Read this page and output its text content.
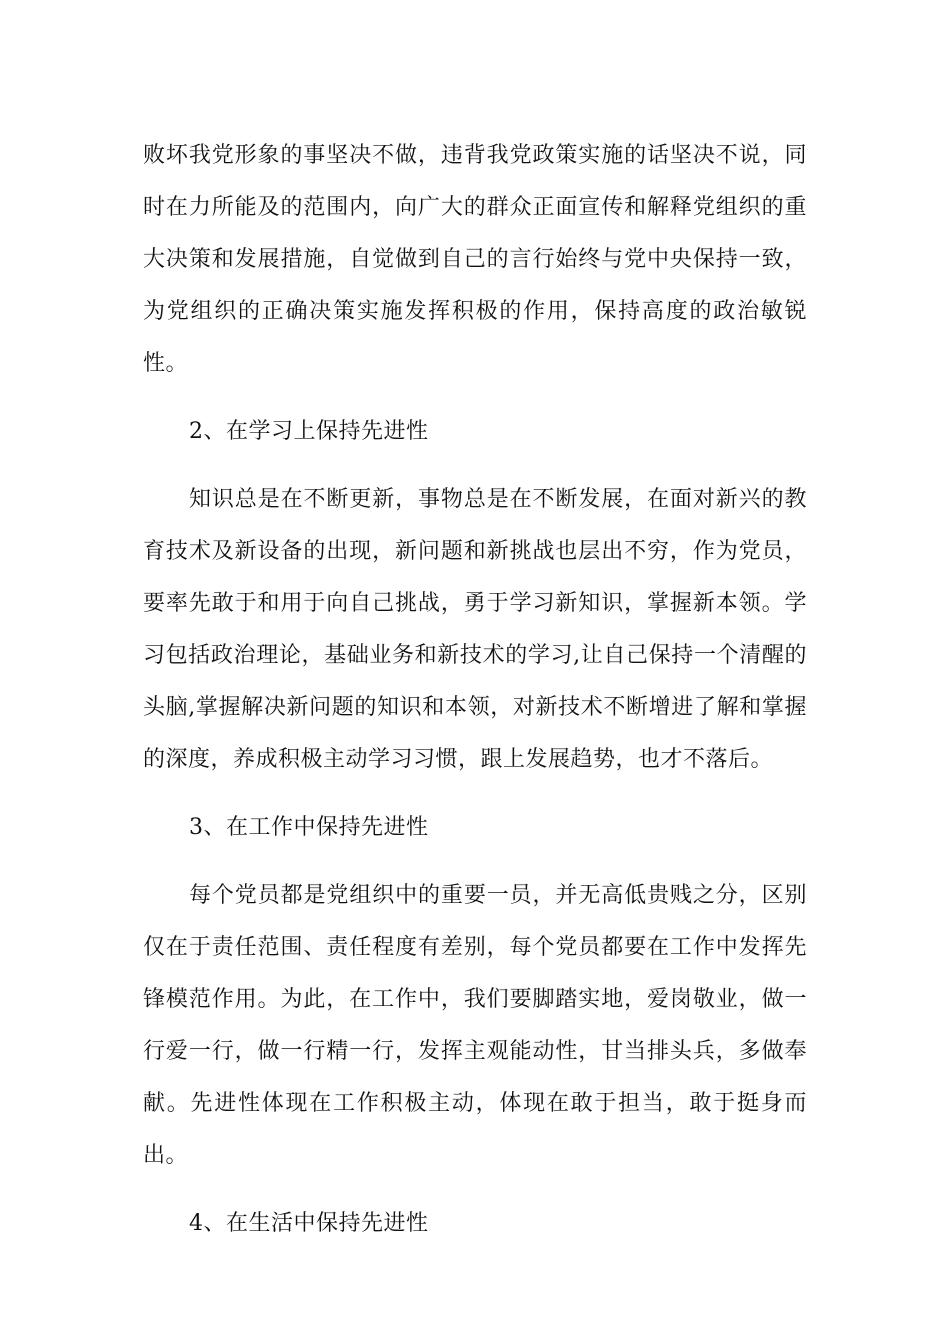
败坏我党形象的事坚决不做，违背我党政策实施的话坚决不说，同时在力所能及的范围内，向广大的群众正面宣传和解释党组织的重大决策和发展措施，自觉做到自己的言行始终与党中央保持一致，为党组织的正确决策实施发挥积极的作用，保持高度的政治敏锐性。

2、在学习上保持先进性

知识总是在不断更新，事物总是在不断发展，在面对新兴的教育技术及新设备的出现，新问题和新挑战也层出不穷，作为党员，要率先敢于和用于向自己挑战，勇于学习新知识，掌握新本领。学习包括政治理论，基础业务和新技术的学习,让自己保持一个清醒的头脑,掌握解决新问题的知识和本领，对新技术不断增进了解和掌握的深度，养成积极主动学习习惯，跟上发展趋势，也才不落后。

3、在工作中保持先进性

每个党员都是党组织中的重要一员，并无高低贵贱之分，区别仅在于责任范围、责任程度有差别，每个党员都要在工作中发挥先锋模范作用。为此，在工作中，我们要脚踏实地，爱岗敬业，做一行爱一行，做一行精一行，发挥主观能动性，甘当排头兵，多做奉献。先进性体现在工作积极主动，体现在敢于担当，敢于挺身而出。

4、在生活中保持先进性
